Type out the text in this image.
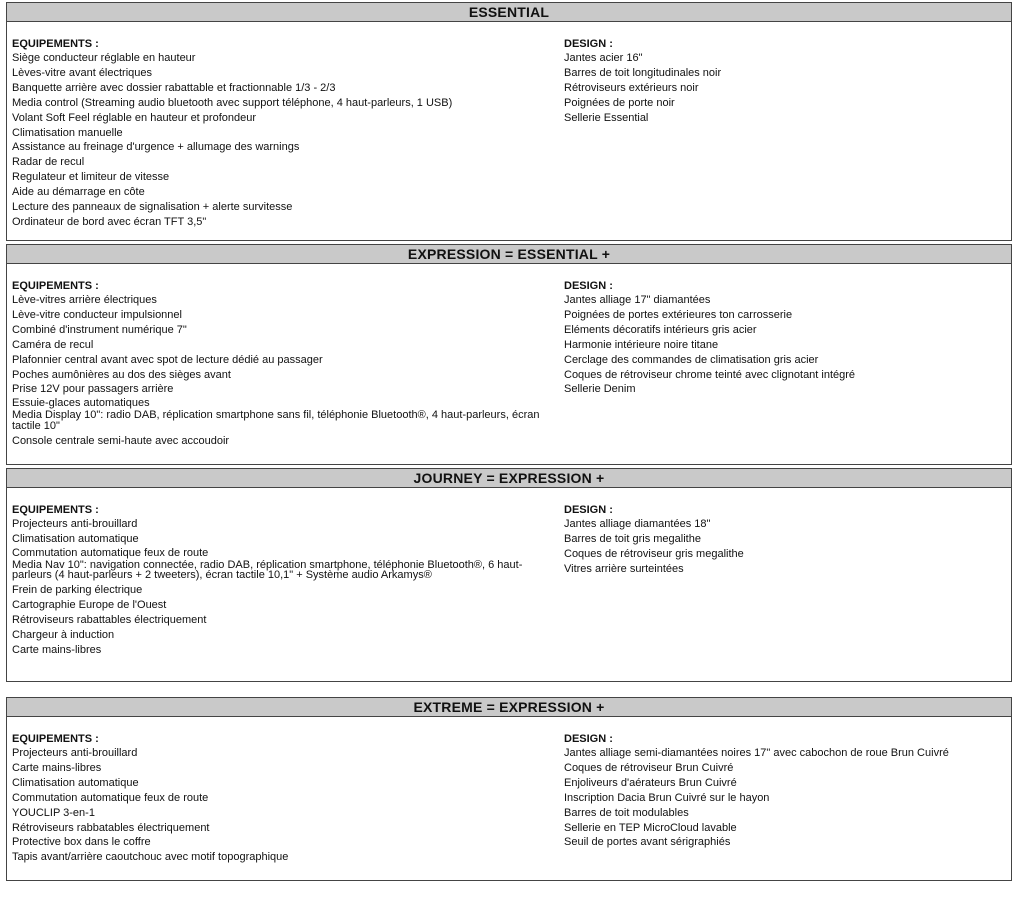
ESSENTIAL
EQUIPEMENTS :
Siège conducteur réglable en hauteur
Lèves-vitre avant électriques
Banquette arrière avec dossier rabattable et fractionnable 1/3 - 2/3
Media control (Streaming audio bluetooth avec support téléphone, 4 haut-parleurs, 1 USB)
Volant Soft Feel réglable en hauteur et profondeur
Climatisation manuelle
Assistance au freinage d'urgence + allumage des warnings
Radar de recul
Regulateur et limiteur de vitesse
Aide au démarrage en côte
Lecture des panneaux de signalisation + alerte survitesse
Ordinateur de bord avec écran TFT 3,5"
DESIGN :
Jantes acier 16"
Barres de toit longitudinales noir
Rétroviseurs extérieurs noir
Poignées de porte noir
Sellerie Essential
EXPRESSION = ESSENTIAL +
EQUIPEMENTS :
Lève-vitres arrière électriques
Lève-vitre conducteur impulsionnel
Combiné d'instrument numérique 7"
Caméra de recul
Plafonnier central avant avec spot de lecture dédié au passager
Poches aumônières au dos des sièges avant
Prise 12V pour passagers arrière
Essuie-glaces automatiques
Media Display 10": radio DAB, réplication smartphone sans fil, téléphonie Bluetooth®, 4 haut-parleurs, écran tactile 10"
Console centrale semi-haute avec accoudoir
DESIGN :
Jantes alliage 17" diamantées
Poignées de portes extérieures ton carrosserie
Eléments décoratifs intérieurs gris acier
Harmonie intérieure noire titane
Cerclage des commandes de climatisation gris acier
Coques de rétroviseur chrome teinté avec clignotant intégré
Sellerie Denim
JOURNEY = EXPRESSION +
EQUIPEMENTS :
Projecteurs anti-brouillard
Climatisation automatique
Commutation automatique feux de route
Media Nav 10": navigation connectée, radio DAB, réplication smartphone, téléphonie Bluetooth®, 6 haut-parleurs (4 haut-parleurs + 2 tweeters), écran tactile 10,1" + Système audio Arkamys®
Frein de parking électrique
Cartographie Europe de l'Ouest
Rétroviseurs rabattables électriquement
Chargeur à induction
Carte mains-libres
DESIGN :
Jantes alliage diamantées 18"
Barres de toit gris megalithe
Coques de rétroviseur gris megalithe
Vitres arrière surteintées
EXTREME = EXPRESSION +
EQUIPEMENTS :
Projecteurs anti-brouillard
Carte mains-libres
Climatisation automatique
Commutation automatique feux de route
YOUCLIP 3-en-1
Rétroviseurs rabbatables électriquement
Protective box dans le coffre
Tapis avant/arrière caoutchouc avec motif topographique
DESIGN :
Jantes alliage semi-diamantées noires 17" avec cabochon de roue Brun Cuivré
Coques de rétroviseur Brun Cuivré
Enjoliveurs d'aérateurs Brun Cuivré
Inscription Dacia Brun Cuivré sur le hayon
Barres de toit modulables
Sellerie en TEP MicroCloud lavable
Seuil de portes avant sérigraphiés
